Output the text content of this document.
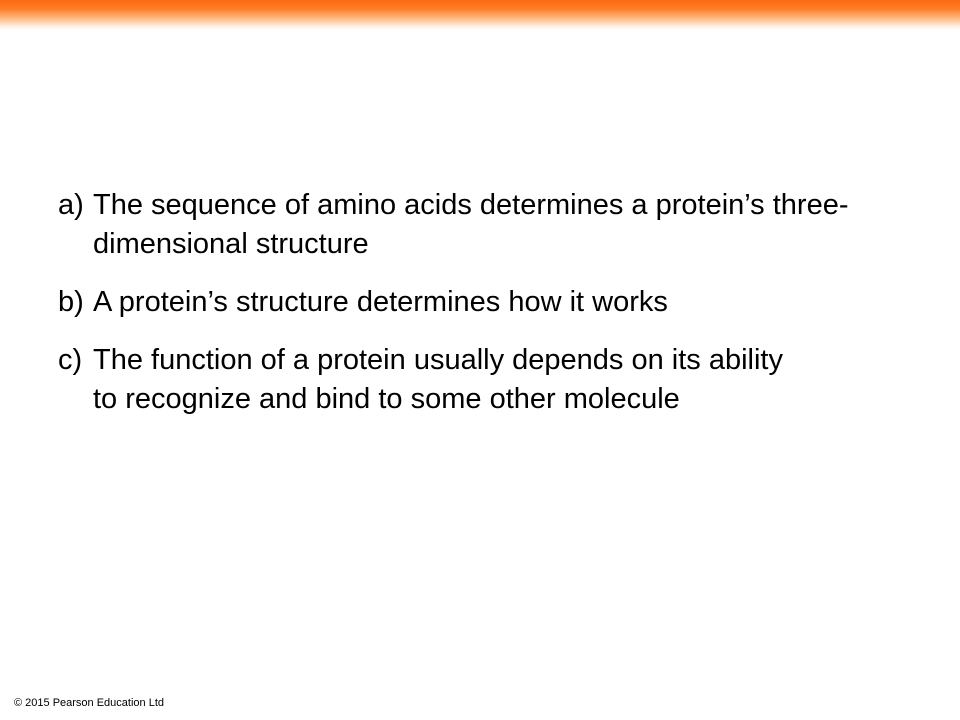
a) The sequence of amino acids determines a protein’s three-dimensional structure
b) A protein’s structure determines how it works
c) The function of a protein usually depends on its ability to recognize and bind to some other molecule
© 2015 Pearson Education Ltd
